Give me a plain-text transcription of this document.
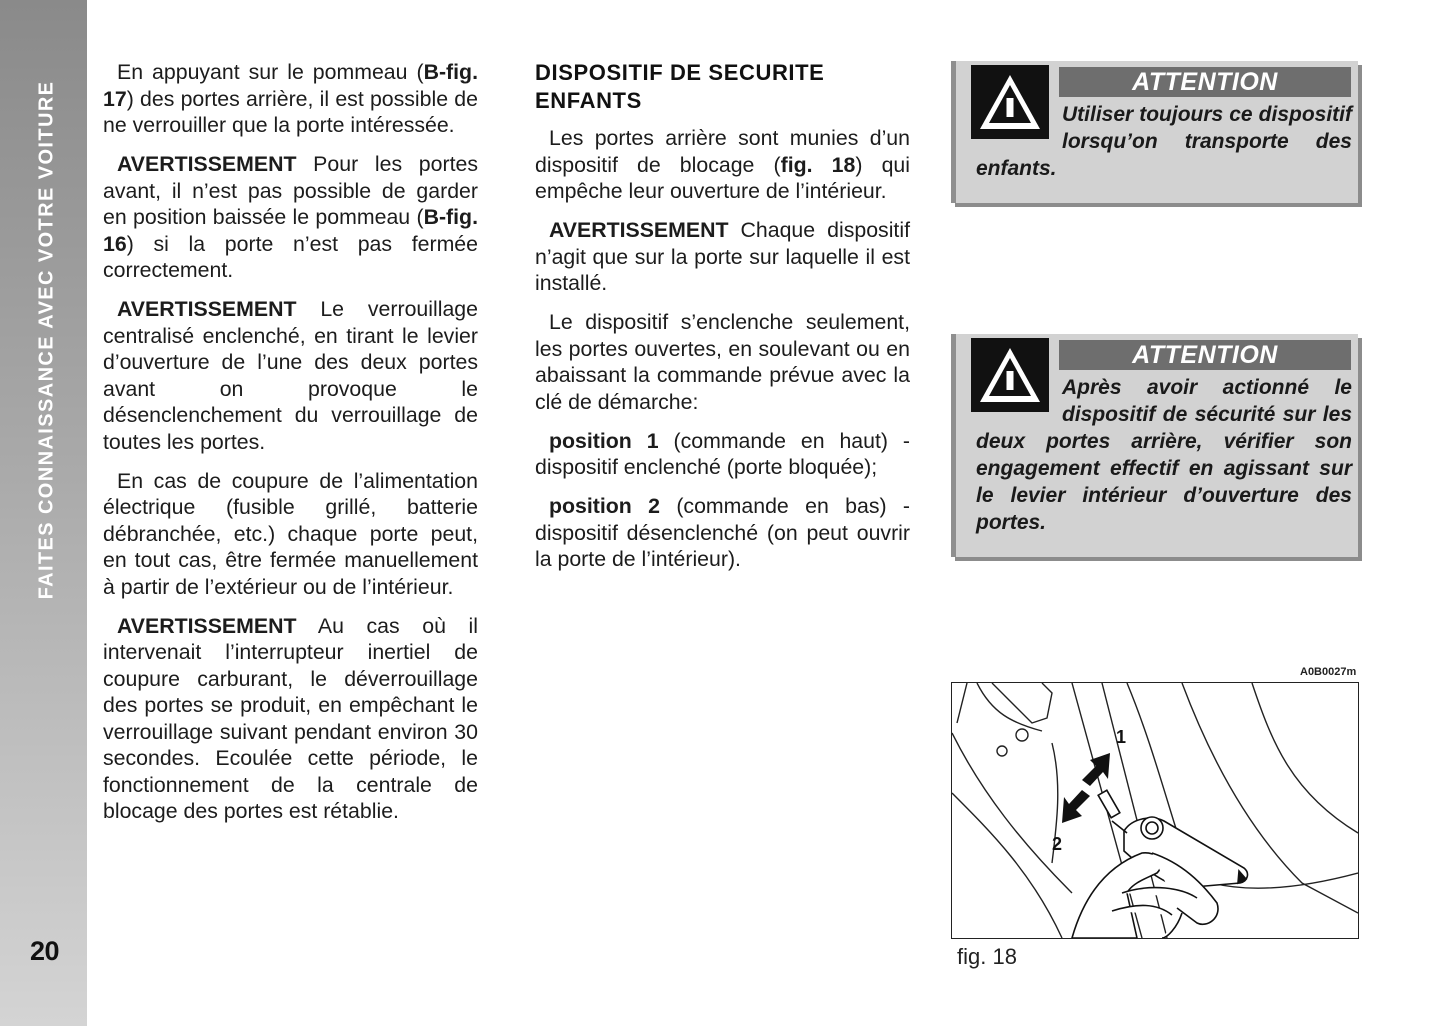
FAITES CONNAISSANCE AVEC VOTRE VOITURE
20

En appuyant sur le pommeau (B-fig. 17) des portes arrière, il est possible de ne verrouiller que la porte intéressée.

AVERTISSEMENT Pour les portes avant, il n’est pas possible de garder en position baissée le pommeau (B-fig. 16) si la porte n’est pas fermée correctement.

AVERTISSEMENT Le verrouillage centralisé enclenché, en tirant le levier d’ouverture de l’une des deux portes avant on provoque le désenclenchement du verrouillage de toutes les portes.

En cas de coupure de l’alimentation électrique (fusible grillé, batterie débranchée, etc.) chaque porte peut, en tout cas, être fermée manuellement à partir de l’extérieur ou de l’intérieur.

AVERTISSEMENT Au cas où il intervenait l’interrupteur inertiel de coupure carburant, le déverrouillage des portes se produit, en empêchant le verrouillage suivant pendant environ 30 secondes. Ecoulée cette période, le fonctionnement de la centrale de blocage des portes est rétablie.

DISPOSITIF DE SECURITE ENFANTS

Les portes arrière sont munies d’un dispositif de blocage (fig. 18) qui empêche leur ouverture de l’intérieur.

AVERTISSEMENT Chaque dispositif n’agit que sur la porte sur laquelle il est installé.

Le dispositif s’enclenche seulement, les portes ouvertes, en soulevant ou en abaissant la commande prévue avec la clé de démarche:

position 1 (commande en haut) - dispositif enclenché (porte bloquée);

position 2 (commande en bas) - dispositif désenclenché (on peut ouvrir la porte de l’intérieur).

ATTENTION
Utiliser toujours ce dispositif lorsqu’on transporte des enfants.
ATTENTION
Après avoir actionné le dispositif de sécurité sur les deux portes arrière, vérifier son engagement effectif en agissant sur le levier intérieur d’ouverture des portes.
A0B0027m
1
2
fig. 18
